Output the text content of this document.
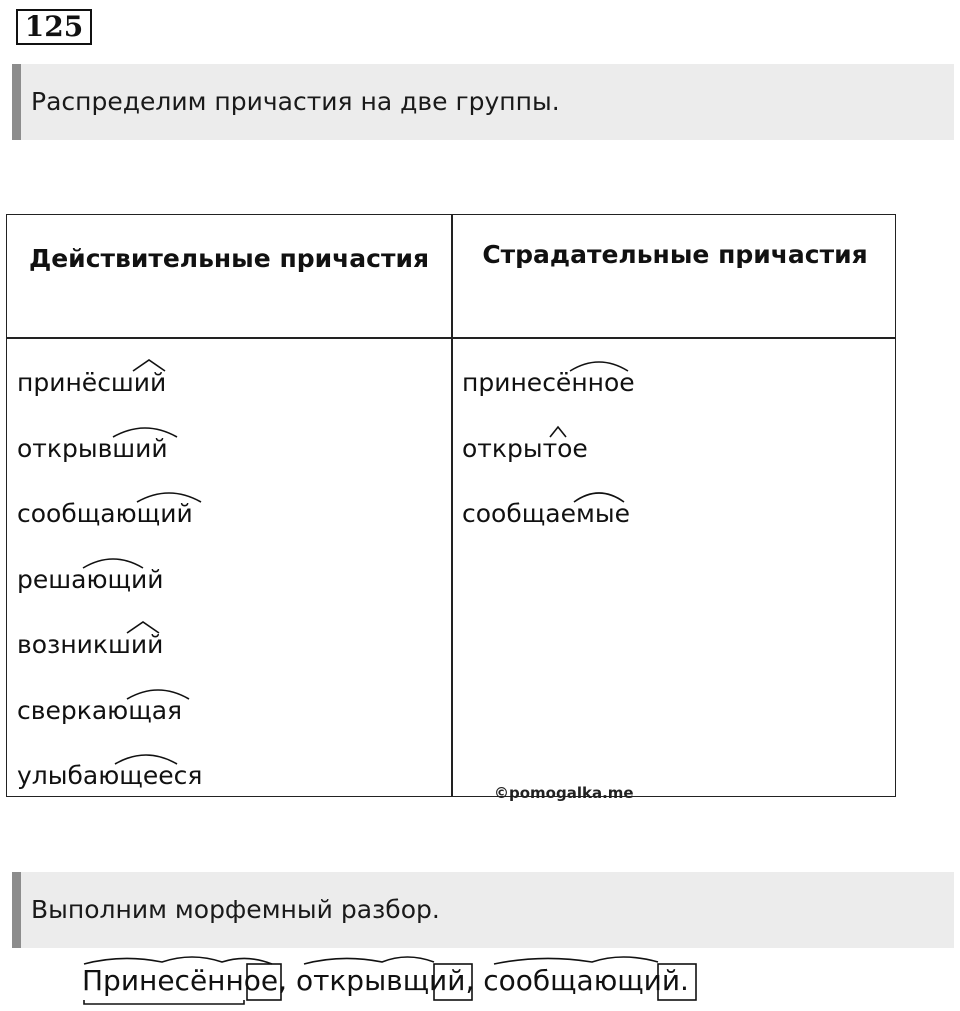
125
Распределим причастия на две группы.
Действительные причастия	Страдательные причастия
принёсший
открывший
сообщающий
решающий
возникший
сверкающая
улыбающееся
принесённое
открытое
сообщаемые
©pomogalka.me
Выполним морфемный разбор.
Принесённое, открывщий, сообщающий.
